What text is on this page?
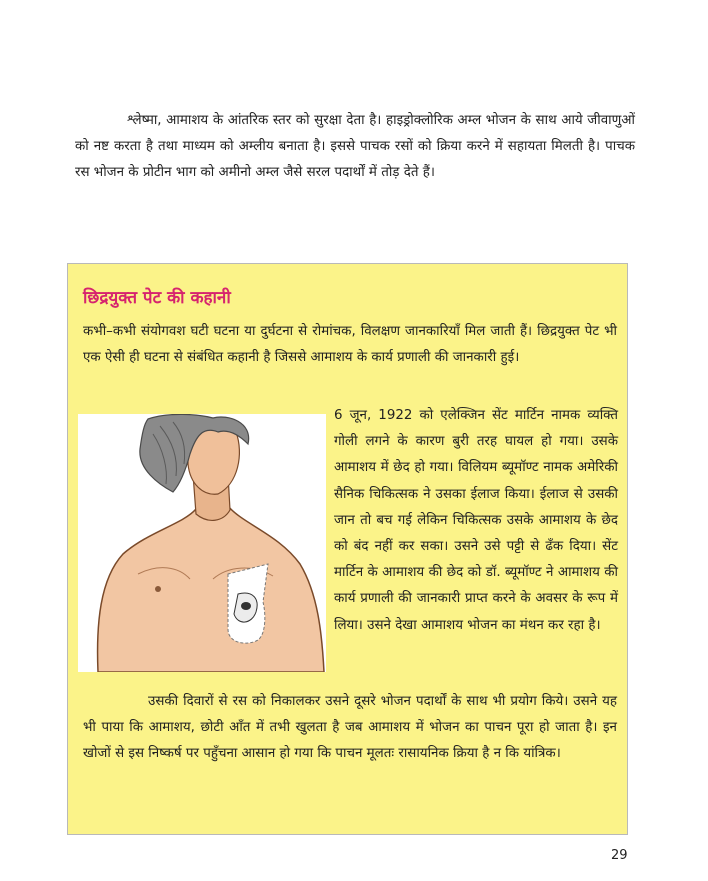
श्लेष्मा, आमाशय के आंतरिक स्तर को सुरक्षा देता है। हाइड्रोक्लोरिक अम्ल भोजन के साथ आये जीवाणुओं को नष्ट करता है तथा माध्यम को अम्लीय बनाता है। इससे पाचक रसों को क्रिया करने में सहायता मिलती है। पाचक रस भोजन के प्रोटीन भाग को अमीनो अम्ल जैसे सरल पदार्थों में तोड़ देते हैं।

छिद्रयुक्त पेट की कहानी

कभी–कभी संयोगवश घटी घटना या दुर्घटना से रोमांचक, विलक्षण जानकारियाँ मिल जाती हैं। छिद्रयुक्त पेट भी एक ऐसी ही घटना से संबंधित कहानी है जिससे आमाशय के कार्य प्रणाली की जानकारी हुई।

6 जून, 1922 को एलेक्जिन सेंट मार्टिन नामक व्यक्ति गोली लगने के कारण बुरी तरह घायल हो गया। उसके आमाशय में छेद हो गया। विलियम ब्यूमॉण्ट नामक अमेरिकी सैनिक चिकित्सक ने उसका ईलाज किया। ईलाज से उसकी जान तो बच गई लेकिन चिकित्सक उसके आमाशय के छेद को बंद नहीं कर सका। उसने उसे पट्टी से ढँक दिया। सेंट मार्टिन के आमाशय की छेद को डॉ. ब्यूमॉण्ट ने आमाशय की कार्य प्रणाली की जानकारी प्राप्त करने के अवसर के रूप में लिया। उसने देखा आमाशय भोजन का मंथन कर रहा है।

उसकी दिवारों से रस को निकालकर उसने दूसरे भोजन पदार्थों के साथ भी प्रयोग किये। उसने यह भी पाया कि आमाशय, छोटी आँत में तभी खुलता है जब आमाशय में भोजन का पाचन पूरा हो जाता है। इन खोजों से इस निष्कर्ष पर पहुँचना आसान हो गया कि पाचन मूलतः रासायनिक क्रिया है न कि यांत्रिक।

29
